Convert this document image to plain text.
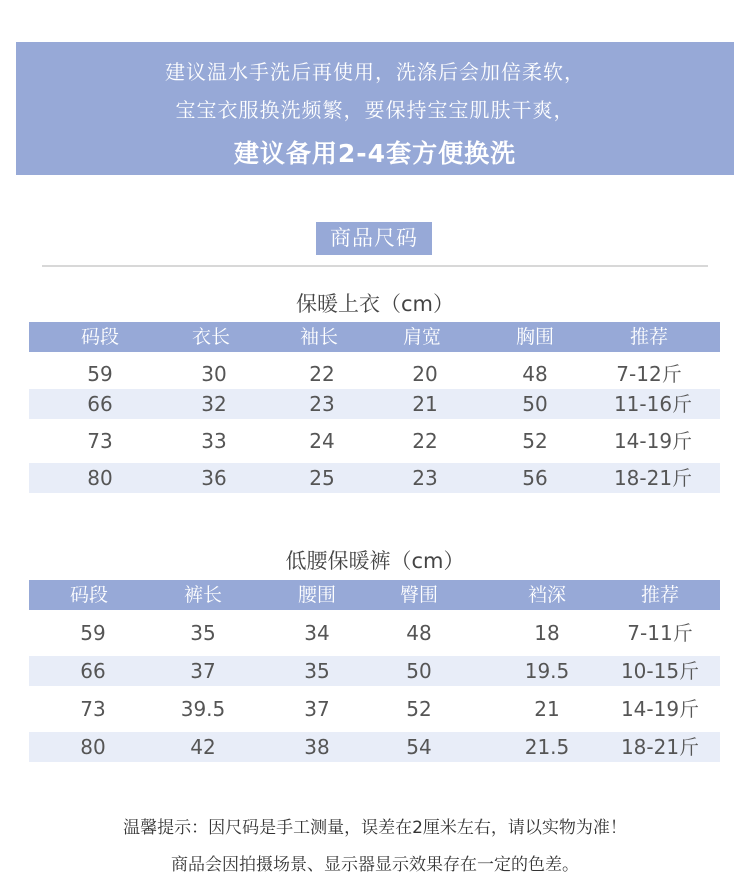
建议温水手洗后再使用，洗涤后会加倍柔软，
宝宝衣服换洗频繁，要保持宝宝肌肤干爽，
建议备用2-4套方便换洗
商品尺码
保暖上衣（cm）
码段	衣长	袖长	肩宽	胸围	推荐
59	30	22	20	48	7-12斤
66	32	23	21	50	11-16斤
73	33	24	22	52	14-19斤
80	36	25	23	56	18-21斤
低腰保暖裤（cm）
码段	裤长	腰围	臀围	裆深	推荐
59	35	34	48	18	7-11斤
66	37	35	50	19.5	10-15斤
73	39.5	37	52	21	14-19斤
80	42	38	54	21.5	18-21斤
温馨提示：因尺码是手工测量，误差在2厘米左右，请以实物为准！
商品会因拍摄场景、显示器显示效果存在一定的色差。
